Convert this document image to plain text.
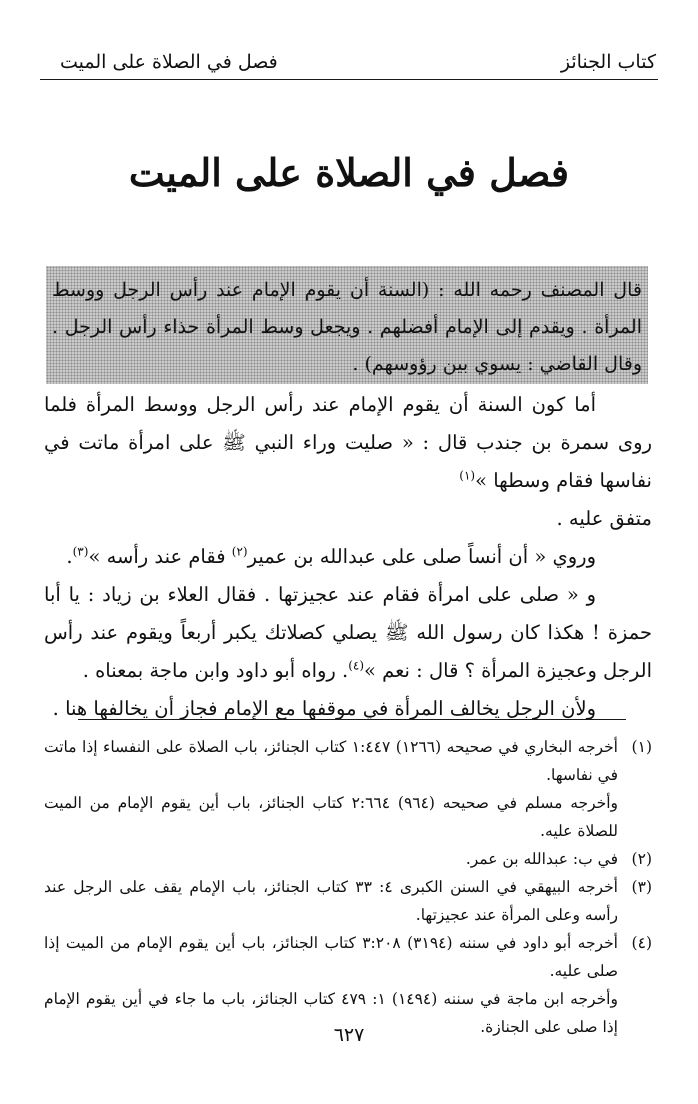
كتاب الجنائز
فصل في الصلاة على الميت
فصل في الصلاة على الميت

قال المصنف رحمه الله : (السنة أن يقوم الإمام عند رأس الرجل ووسط المرأة . ويقدم إلى الإمام أفضلهم . ويجعل وسط المرأة حذاء رأس الرجل . وقال القاضي : يسوي بين رؤوسهم) .

أما كون السنة أن يقوم الإمام عند رأس الرجل ووسط المرأة فلما روى سمرة بن جندب قال : « صليت وراء النبي ﷺ على امرأة ماتت في نفاسها فقام وسطها »$^{(١)}$

متفق عليه .

وروي « أن أنساً صلى على عبدالله بن عمير$^{(٢)}$ فقام عند رأسه »$^{(٣)}$.

و « صلى على امرأة فقام عند عجيزتها . فقال العلاء بن زياد : يا أبا حمزة ! هكذا كان رسول الله ﷺ يصلي كصلاتك يكبر أربعاً ويقوم عند رأس الرجل وعجيزة المرأة ؟ قال : نعم »$^{(٤)}$. رواه أبو داود وابن ماجة بمعناه .

ولأن الرجل يخالف المرأة في موقفها مع الإمام فجاز أن يخالفها هنا .

(١)

أخرجه البخاري في صحيحه (١٢٦٦) ١:٤٤٧ كتاب الجنائز، باب الصلاة على النفساء إذا ماتت في نفاسها.

وأخرجه مسلم في صحيحه (٩٦٤) ٢:٦٦٤ كتاب الجنائز، باب أين يقوم الإمام من الميت للصلاة عليه.

(٢)

في ب: عبدالله بن عمر.

(٣)

أخرجه البيهقي في السنن الكبرى ٤: ٣٣ كتاب الجنائز، باب الإمام يقف على الرجل عند رأسه وعلى المرأة عند عجيزتها.

(٤)

أخرجه أبو داود في سننه (٣١٩٤) ٣:٢٠٨ كتاب الجنائز، باب أين يقوم الإمام من الميت إذا صلى عليه.

وأخرجه ابن ماجة في سننه (١٤٩٤) ١: ٤٧٩ كتاب الجنائز، باب ما جاء في أين يقوم الإمام إذا صلى على الجنازة.

٦٢٧
